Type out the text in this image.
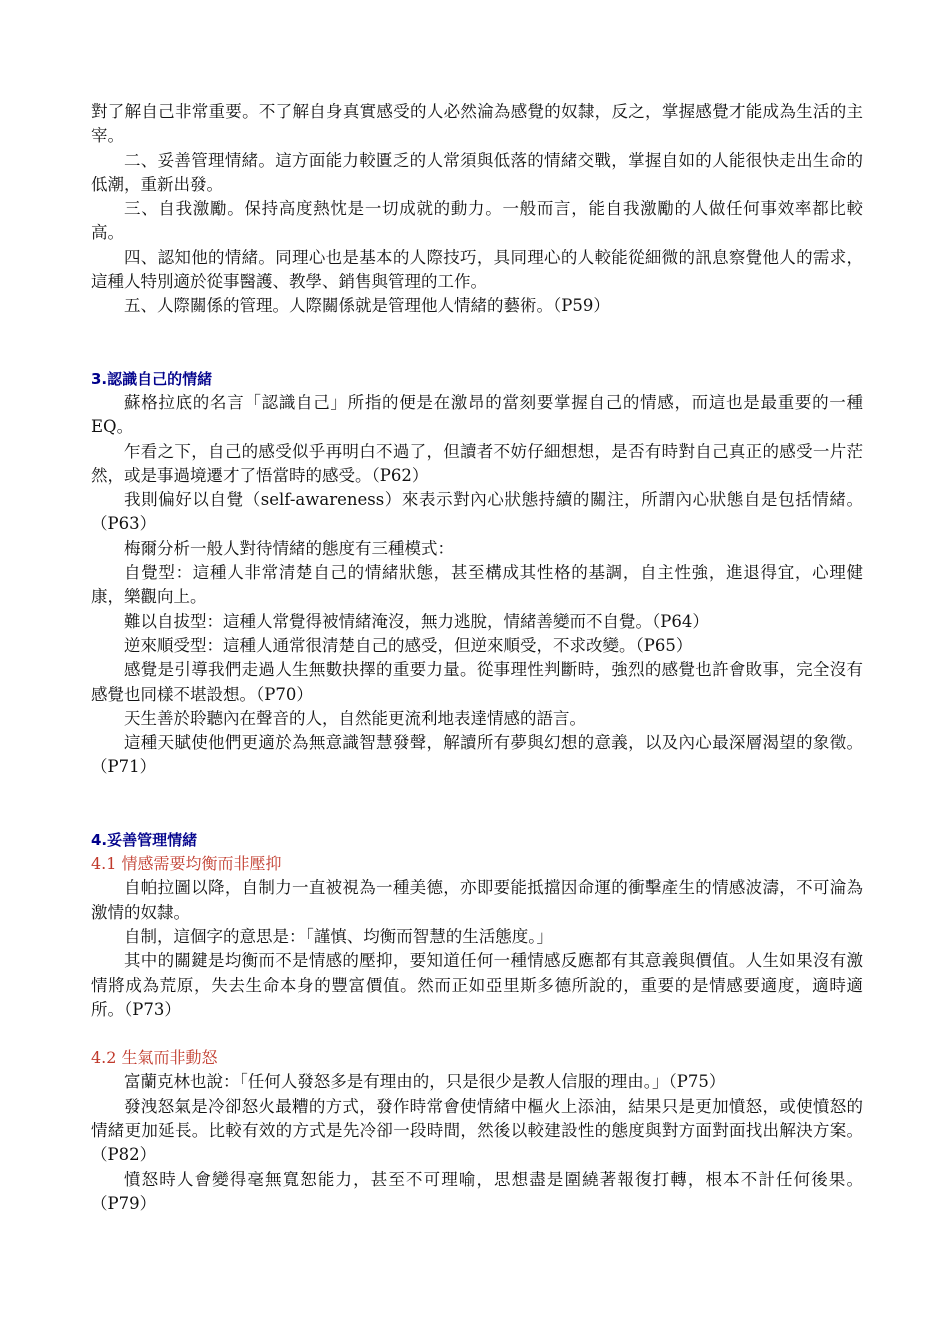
對了解自己非常重要。不了解自身真實感受的人必然淪為感覺的奴隸，反之，掌握感覺才能成為生活的主宰。

二、妥善管理情緒。這方面能力較匱乏的人常須與低落的情緒交戰，掌握自如的人能很快走出生命的低潮，重新出發。

三、自我激勵。保持高度熱忱是一切成就的動力。一般而言，能自我激勵的人做任何事效率都比較高。

四、認知他的情緒。同理心也是基本的人際技巧，具同理心的人較能從細微的訊息察覺他人的需求，這種人特別適於從事醫護、教學、銷售與管理的工作。

五、人際關係的管理。人際關係就是管理他人情緒的藝術。（P59）

3.認識自己的情緒

蘇格拉底的名言「認識自己」所指的便是在激昂的當刻要掌握自己的情感，而這也是最重要的一種 EQ。

乍看之下，自己的感受似乎再明白不過了，但讀者不妨仔細想想，是否有時對自己真正的感受一片茫然，或是事過境遷才了悟當時的感受。（P62）

我則偏好以自覺（self-awareness）來表示對內心狀態持續的關注，所謂內心狀態自是包括情緒。（P63）

梅爾分析一般人對待情緒的態度有三種模式：

自覺型：這種人非常清楚自己的情緒狀態，甚至構成其性格的基調，自主性強，進退得宜，心理健康，樂觀向上。

難以自拔型：這種人常覺得被情緒淹沒，無力逃脫，情緒善變而不自覺。（P64）

逆來順受型：這種人通常很清楚自己的感受，但逆來順受，不求改變。（P65）

感覺是引導我們走過人生無數抉擇的重要力量。從事理性判斷時，強烈的感覺也許會敗事，完全沒有感覺也同樣不堪設想。（P70）

天生善於聆聽內在聲音的人，自然能更流利地表達情感的語言。

這種天賦使他們更適於為無意識智慧發聲，解讀所有夢與幻想的意義，以及內心最深層渴望的象徵。（P71）

4.妥善管理情緒

4.1 情感需要均衡而非壓抑

自帕拉圖以降，自制力一直被視為一種美德，亦即要能抵擋因命運的衝擊產生的情感波濤，不可淪為激情的奴隸。

自制，這個字的意思是：「謹慎、均衡而智慧的生活態度。」

其中的關鍵是均衡而不是情感的壓抑，要知道任何一種情感反應都有其意義與價值。人生如果沒有激情將成為荒原，失去生命本身的豐富價值。然而正如亞里斯多德所說的，重要的是情感要適度，適時適所。（P73）

4.2 生氣而非動怒

富蘭克林也說：「任何人發怒多是有理由的，只是很少是教人信服的理由。」（P75）

發洩怒氣是冷卻怒火最糟的方式，發作時常會使情緒中樞火上添油，結果只是更加憤怒，或使憤怒的情緒更加延長。比較有效的方式是先冷卻一段時間，然後以較建設性的態度與對方面對面找出解決方案。（P82）

憤怒時人會變得毫無寬恕能力，甚至不可理喻，思想盡是圍繞著報復打轉，根本不計任何後果。（P79）
